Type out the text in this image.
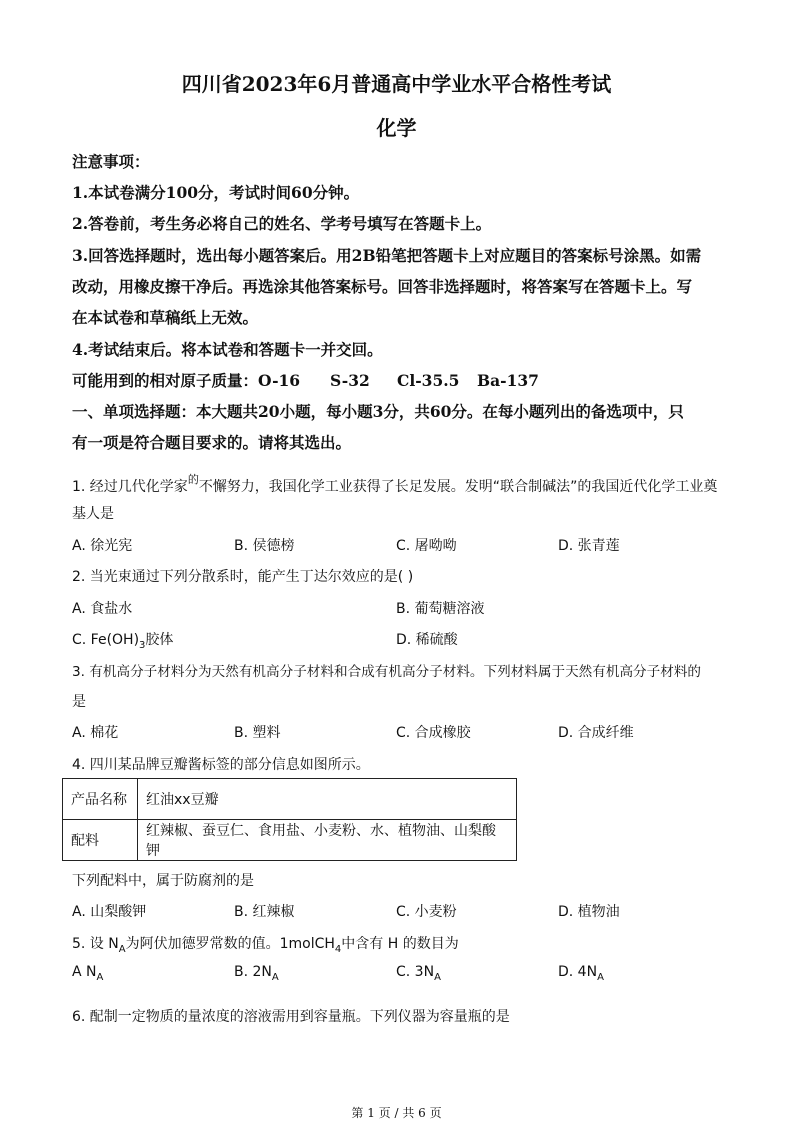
四川省2023年6月普通高中学业水平合格性考试
化学
注意事项：
1.本试卷满分100分，考试时间60分钟。
2.答卷前，考生务必将自己的姓名、学考号填写在答题卡上。
3.回答选择题时，选出每小题答案后。用2B铅笔把答题卡上对应题目的答案标号涂黑。如需
改动，用橡皮擦干净后。再选涂其他答案标号。回答非选择题时，将答案写在答题卡上。写
在本试卷和草稿纸上无效。
4.考试结束后。将本试卷和答题卡一并交回。
可能用到的相对原子质量：O-16 S-32 Cl-35.5 Ba-137
一、单项选择题：本大题共20小题，每小题3分，共60分。在每小题列出的备选项中，只
有一项是符合题目要求的。请将其选出。
1. 经过几代化学家$^的$不懈努力，我国化学工业获得了长足发展。发明“联合制碱法”的我国近代化学工业奠
基人是
A. 徐光宪	B. 侯德榜	C. 屠呦呦	D. 张青莲
2. 当光束通过下列分散系时，能产生丁达尔效应的是( )
A. 食盐水	B. 葡萄糖溶液
C. $Fe(OH)_3$胶体	D. 稀硫酸
3. 有机高分子材料分为天然有机高分子材料和合成有机高分子材料。下列材料属于天然有机高分子材料的
是
A. 棉花	B. 塑料	C. 合成橡胶	D. 合成纤维
4. 四川某品牌豆瓣酱标签的部分信息如图所示。
产品名称	红油xx豆瓣
配料	红辣椒、蚕豆仁、食用盐、小麦粉、水、植物油、山梨酸钾
下列配料中，属于防腐剂的是
A. 山梨酸钾	B. 红辣椒	C. 小麦粉	D. 植物油
5. 设 $N_A$为阿伏加德罗常数的值。1molCH$_4$中含有 H 的数目为
A $N_A$	B. $2N_A$	C. $3N_A$	D. $4N_A$
6. 配制一定物质的量浓度的溶液需用到容量瓶。下列仪器为容量瓶的是
第 1 页 / 共 6 页
